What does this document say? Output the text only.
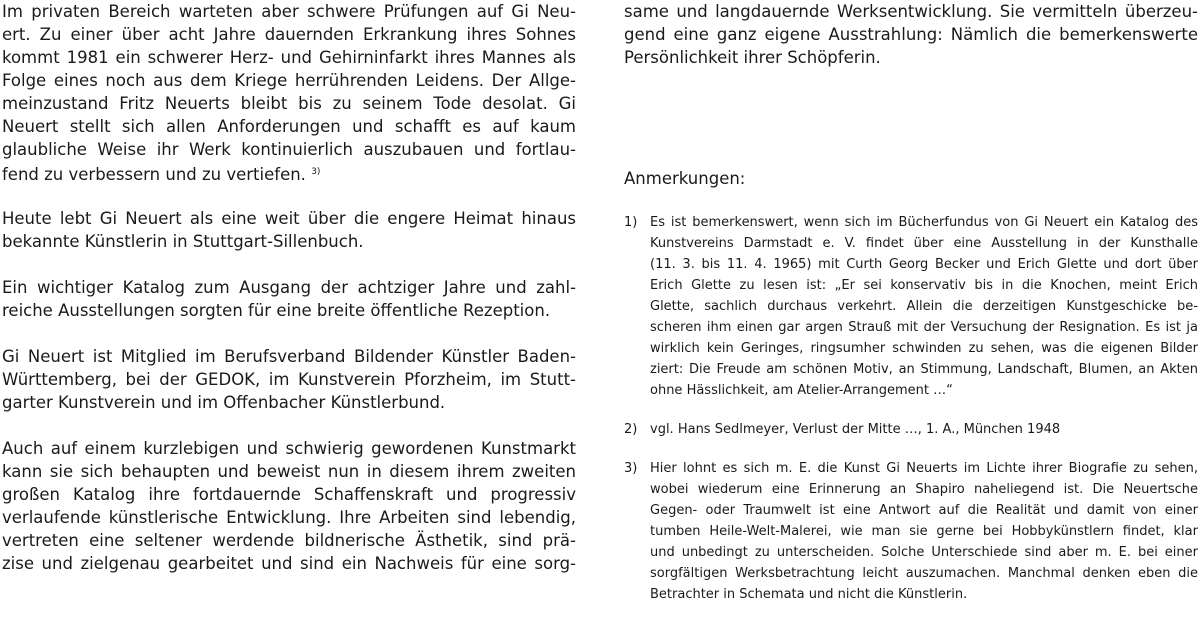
Im privaten Bereich warteten aber schwere Prüfungen auf Gi Neu-
ert. Zu einer über acht Jahre dauernden Erkrankung ihres Sohnes
kommt 1981 ein schwerer Herz- und Gehirninfarkt ihres Mannes als
Folge eines noch aus dem Kriege herrührenden Leidens. Der Allge-
meinzustand Fritz Neuerts bleibt bis zu seinem Tode desolat. Gi
Neuert stellt sich allen Anforderungen und schafft es auf kaum
glaubliche Weise ihr Werk kontinuierlich auszubauen und fortlau-
fend zu verbessern und zu vertiefen. $^{3)}$
Heute lebt Gi Neuert als eine weit über die engere Heimat hinaus
bekannte Künstlerin in Stuttgart-Sillenbuch.
Ein wichtiger Katalog zum Ausgang der achtziger Jahre und zahl-
reiche Ausstellungen sorgten für eine breite öffentliche Rezeption.
Gi Neuert ist Mitglied im Berufsverband Bildender Künstler Baden-
Württemberg, bei der GEDOK, im Kunstverein Pforzheim, im Stutt-
garter Kunstverein und im Offenbacher Künstlerbund.
Auch auf einem kurzlebigen und schwierig gewordenen Kunstmarkt
kann sie sich behaupten und beweist nun in diesem ihrem zweiten
großen Katalog ihre fortdauernde Schaffenskraft und progressiv
verlaufende künstlerische Entwicklung. Ihre Arbeiten sind lebendig,
vertreten eine seltener werdende bildnerische Ästhetik, sind prä-
zise und zielgenau gearbeitet und sind ein Nachweis für eine sorg-
same und langdauernde Werksentwicklung. Sie vermitteln überzeu-
gend eine ganz eigene Ausstrahlung: Nämlich die bemerkenswerte
Persönlichkeit ihrer Schöpferin.
Anmerkungen:
1) Es ist bemerkenswert, wenn sich im Bücherfundus von Gi Neuert ein Katalog des
Kunstvereins Darmstadt e. V. findet über eine Ausstellung in der Kunsthalle
(11. 3. bis 11. 4. 1965) mit Curth Georg Becker und Erich Glette und dort über
Erich Glette zu lesen ist: „Er sei konservativ bis in die Knochen, meint Erich
Glette, sachlich durchaus verkehrt. Allein die derzeitigen Kunstgeschicke be-
scheren ihm einen gar argen Strauß mit der Versuchung der Resignation. Es ist ja
wirklich kein Geringes, ringsumher schwinden zu sehen, was die eigenen Bilder
ziert: Die Freude am schönen Motiv, an Stimmung, Landschaft, Blumen, an Akten
ohne Hässlichkeit, am Atelier-Arrangement …“
2) vgl. Hans Sedlmeyer, Verlust der Mitte …, 1. A., München 1948
3) Hier lohnt es sich m. E. die Kunst Gi Neuerts im Lichte ihrer Biografie zu sehen,
wobei wiederum eine Erinnerung an Shapiro naheliegend ist. Die Neuertsche
Gegen- oder Traumwelt ist eine Antwort auf die Realität und damit von einer
tumben Heile-Welt-Malerei, wie man sie gerne bei Hobbykünstlern findet, klar
und unbedingt zu unterscheiden. Solche Unterschiede sind aber m. E. bei einer
sorgfältigen Werksbetrachtung leicht auszumachen. Manchmal denken eben die
Betrachter in Schemata und nicht die Künstlerin.
